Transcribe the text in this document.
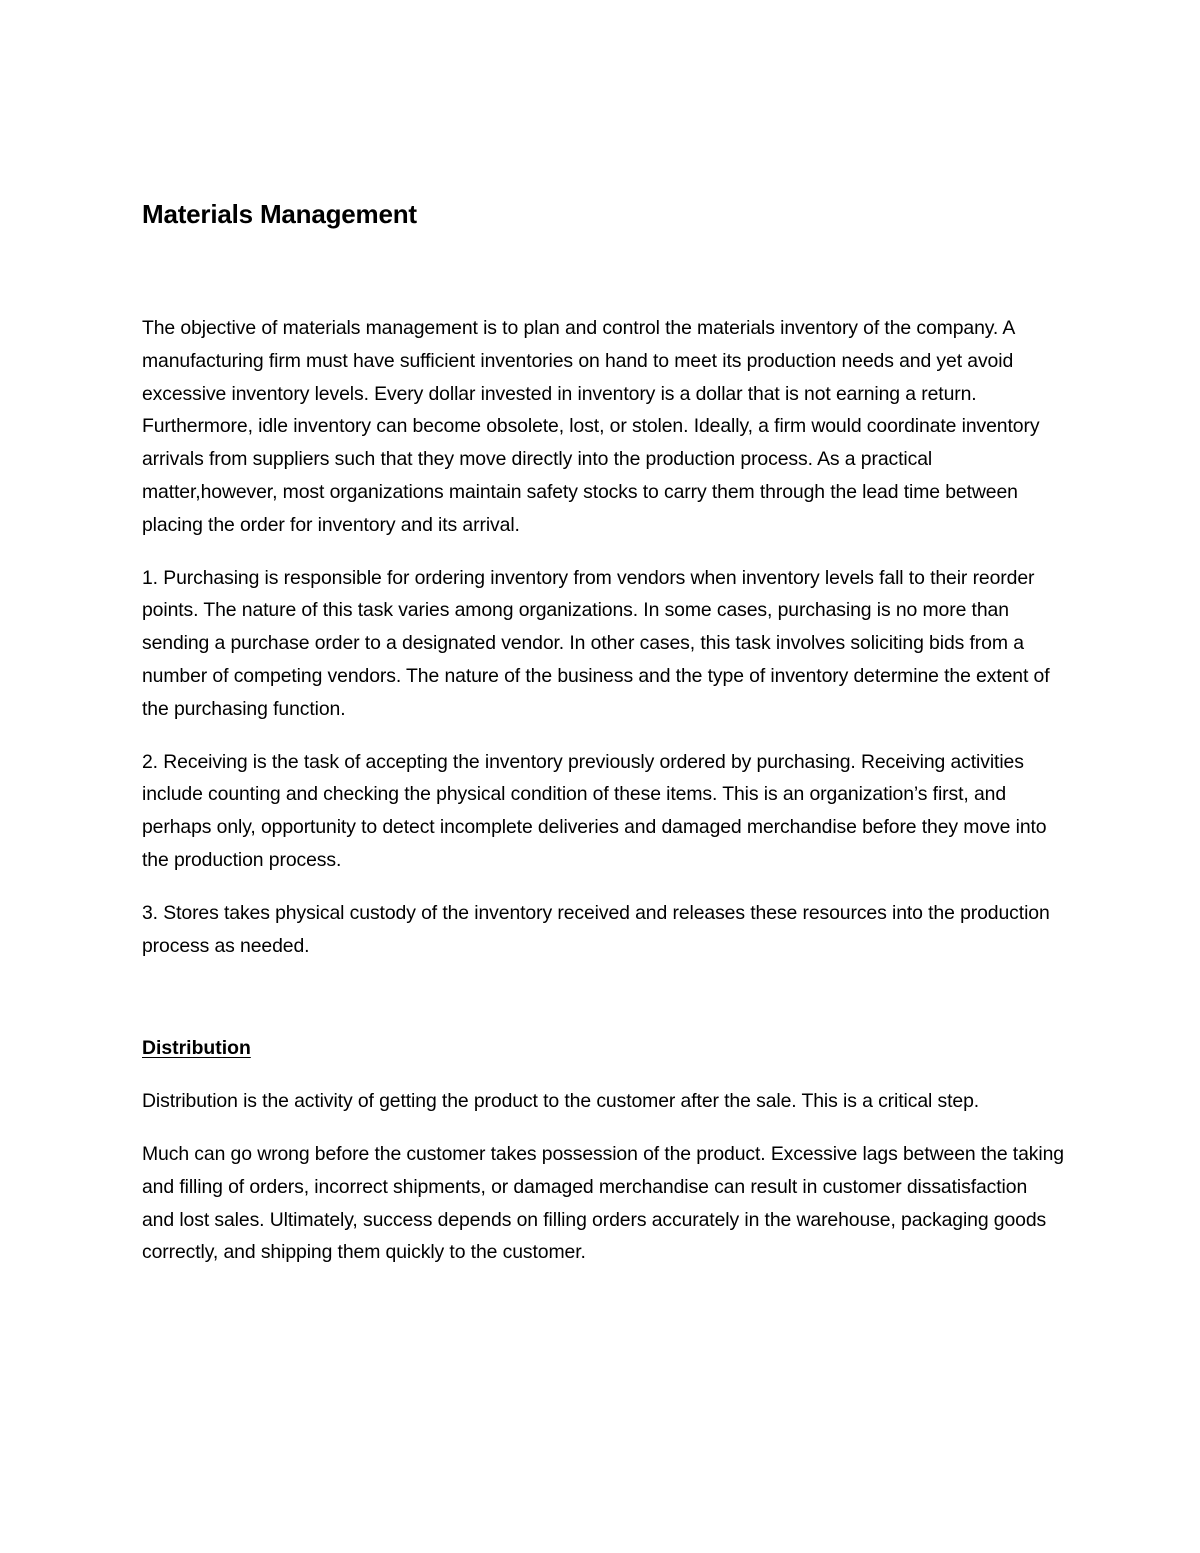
Materials Management

The objective of materials management is to plan and control the materials inventory of the company. A manufacturing firm must have sufficient inventories on hand to meet its production needs and yet avoid excessive inventory levels. Every dollar invested in inventory is a dollar that is not earning a return. Furthermore, idle inventory can become obsolete, lost, or stolen. Ideally, a firm would coordinate inventory arrivals from suppliers such that they move directly into the production process. As a practical matter,however, most organizations maintain safety stocks to carry them through the lead time between placing the order for inventory and its arrival.

1. Purchasing is responsible for ordering inventory from vendors when inventory levels fall to their reorder points. The nature of this task varies among organizations. In some cases, purchasing is no more than sending a purchase order to a designated vendor. In other cases, this task involves soliciting bids from a number of competing vendors. The nature of the business and the type of inventory determine the extent of the purchasing function.

2. Receiving is the task of accepting the inventory previously ordered by purchasing. Receiving activities include counting and checking the physical condition of these items. This is an organization’s first, and perhaps only, opportunity to detect incomplete deliveries and damaged merchandise before they move into the production process.

3. Stores takes physical custody of the inventory received and releases these resources into the production process as needed.

Distribution

Distribution is the activity of getting the product to the customer after the sale. This is a critical step.

Much can go wrong before the customer takes possession of the product. Excessive lags between the taking and filling of orders, incorrect shipments, or damaged merchandise can result in customer dissatisfaction and lost sales. Ultimately, success depends on filling orders accurately in the warehouse, packaging goods correctly, and shipping them quickly to the customer.
